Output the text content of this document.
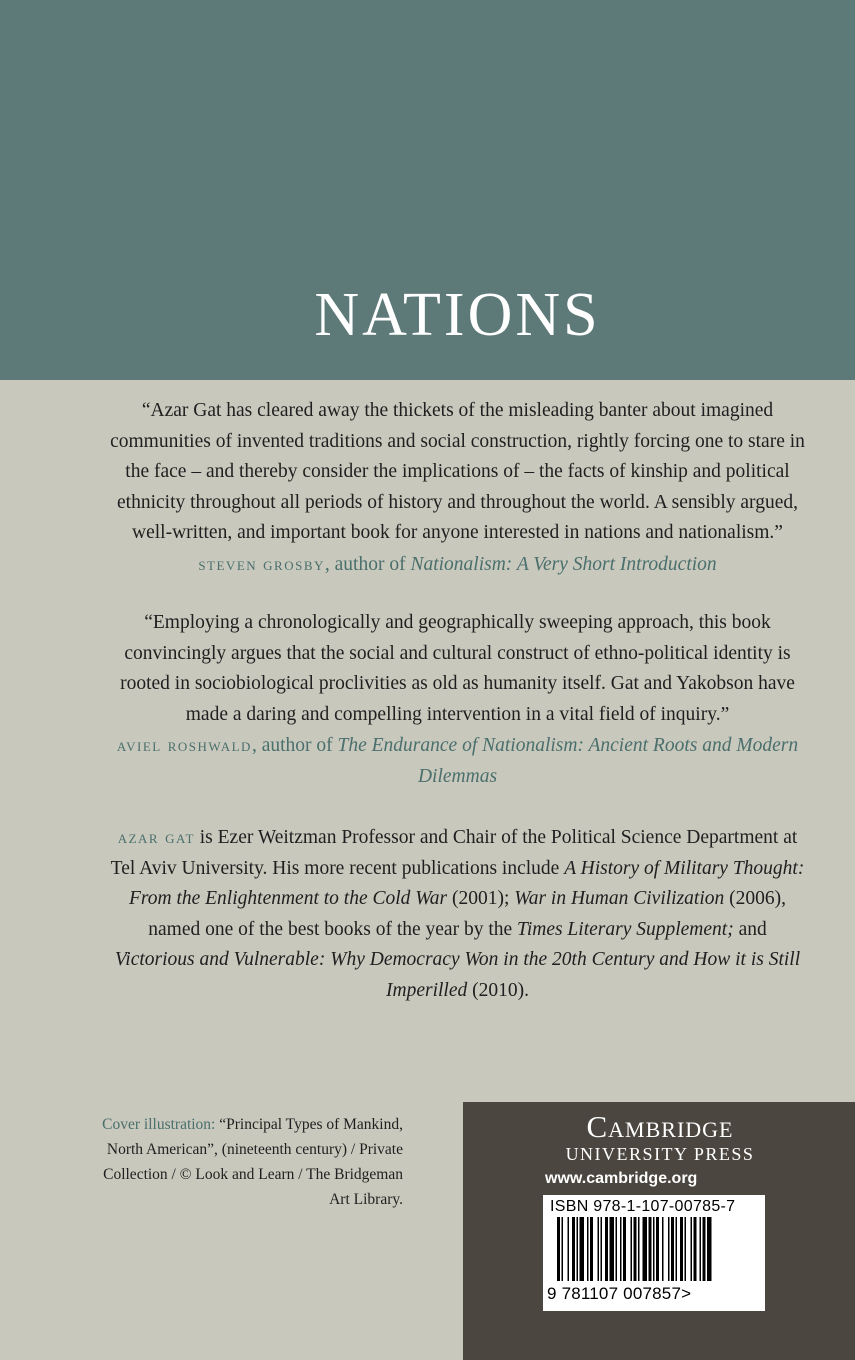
NATIONS

“Azar Gat has cleared away the thickets of the misleading banter about imagined communities of invented traditions and social construction, rightly forcing one to stare in the face – and thereby consider the implications of – the facts of kinship and political ethnicity throughout all periods of history and throughout the world. A sensibly argued, well-written, and important book for anyone interested in nations and nationalism.”

steven grosby, author of Nationalism: A Very Short Introduction

“Employing a chronologically and geographically sweeping approach, this book convincingly argues that the social and cultural construct of ethno-political identity is rooted in sociobiological proclivities as old as humanity itself. Gat and Yakobson have made a daring and compelling intervention in a vital field of inquiry.”

aviel roshwald, author of The Endurance of Nationalism: Ancient Roots and Modern Dilemmas

azar gat is Ezer Weitzman Professor and Chair of the Political Science Department at Tel Aviv University. His more recent publications include A History of Military Thought: From the Enlightenment to the Cold War (2001); War in Human Civilization (2006), named one of the best books of the year by the Times Literary Supplement; and Victorious and Vulnerable: Why Democracy Won in the 20th Century and How it is Still Imperilled (2010).

Cover illustration: “Principal Types of Mankind, North American”, (nineteenth century) / Private Collection / © Look and Learn / The Bridgeman Art Library.
Cambridge
UNIVERSITY PRESS
www.cambridge.org
ISBN 978-1-107-00785-7
9 781107 007857>
